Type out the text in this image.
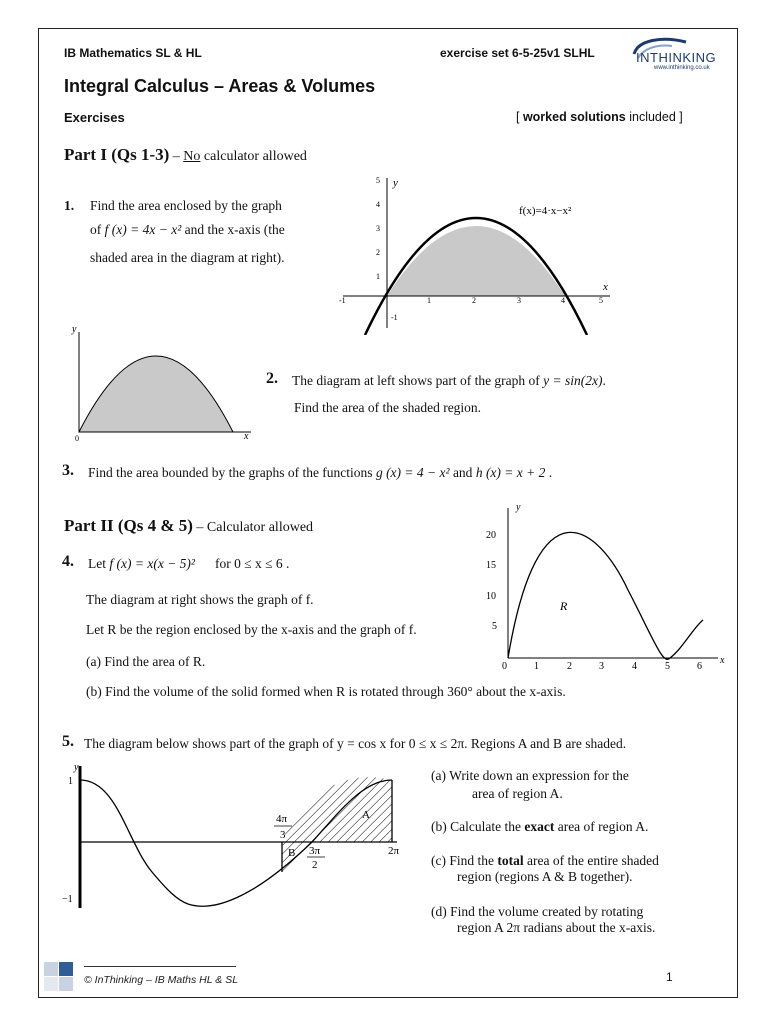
IB Mathematics SL & HL	exercise set 6-5-25v1 SLHL	INTHINKING
www.inthinking.co.uk
Integral Calculus – Areas & Volumes
Exercises	[ worked solutions included ]
Part I (Qs 1-3) – No calculator allowed
1. Find the area enclosed by the graph
of f (x) = 4x − x² and the x-axis (the
shaded area in the diagram at right).
y
x
-1	1	2	3	4	5
5
4
3
2
1
-1
f(x)=4·x−x²
y
x
0
2. The diagram at left shows part of the graph of y = sin(2x).
Find the area of the shaded region.
3. Find the area bounded by the graphs of the functions g (x) = 4 − x² and h (x) = x + 2 .
Part II (Qs 4 & 5) – Calculator allowed
4. Let f (x) = x(x − 5)² for 0 ≤ x ≤ 6 .
The diagram at right shows the graph of f.
Let R be the region enclosed by the x-axis and the graph of f.
(a) Find the area of R.
(b) Find the volume of the solid formed when R is rotated through 360° about the x-axis.
y
x
R
0	1	2	3	4	5	6
5
10
15
20
5. The diagram below shows part of the graph of y = cos x for 0 ≤ x ≤ 2π. Regions A and B are shaded.
y
1
−1
4π
3
3π
2
2π
A
B
(a) Write down an expression for the
area of region A.
(b) Calculate the exact area of region A.
(c) Find the total area of the entire shaded
region (regions A & B together).
(d) Find the volume created by rotating
region A 2π radians about the x-axis.
© InThinking – IB Maths HL & SL	1
